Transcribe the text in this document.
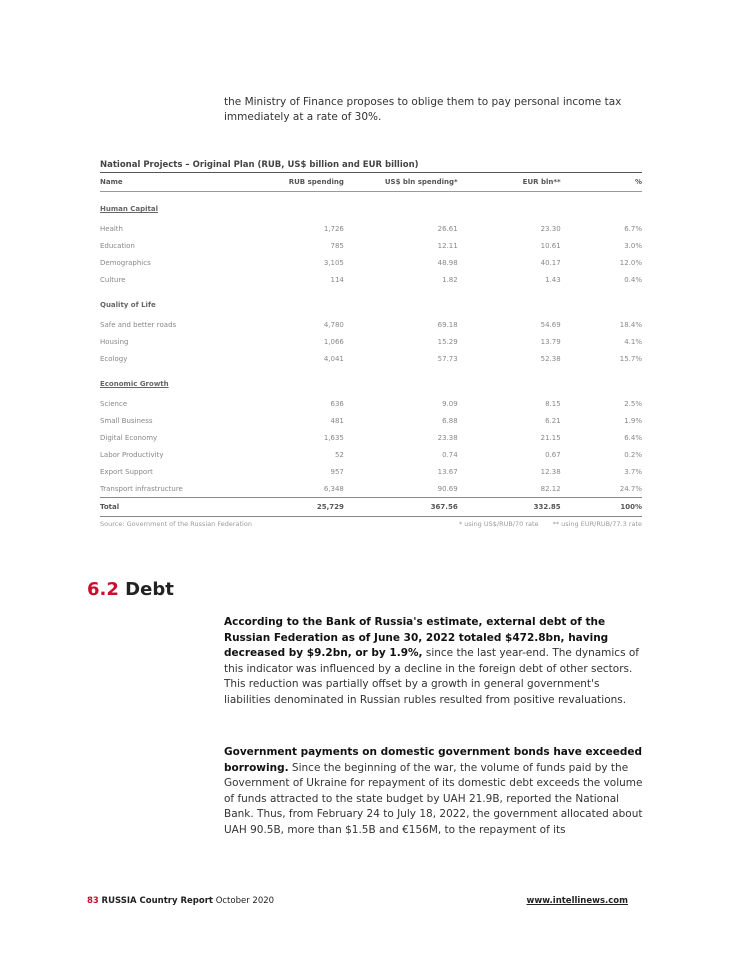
the Ministry of Finance proposes to oblige them to pay personal income tax immediately at a rate of 30%.

National Projects – Original Plan (RUB, US$ billion and EUR billion)
Name	RUB spending	US$ bln spending*	EUR bln**	%
Human Capital				
Health	1,726	26.61	23.30	6.7%
Education	785	12.11	10.61	3.0%
Demographics	3,105	48.98	40.17	12.0%
Culture	114	1.82	1.43	0.4%
Quality of Life				
Safe and better roads	4,780	69.18	54.69	18.4%
Housing	1,066	15.29	13.79	4.1%
Ecology	4,041	57.73	52.38	15.7%
Economic Growth				
Science	636	9.09	8.15	2.5%
Small Business	481	6.88	6.21	1.9%
Digital Economy	1,635	23.38	21.15	6.4%
Labor Productivity	52	0.74	0.67	0.2%
Export Support	957	13.67	12.38	3.7%
Transport infrastructure	6,348	90.69	82.12	24.7%
Total	25,729	367.56	332.85	100%
Source: Government of the Russian Federation	* using US$/RUB/70 rate ** using EUR/RUB/77.3 rate
6.2 Debt

According to the Bank of Russia's estimate, external debt of the Russian Federation as of June 30, 2022 totaled $472.8bn, having decreased by $9.2bn, or by 1.9%, since the last year-end. The dynamics of this indicator was influenced by a decline in the foreign debt of other sectors. This reduction was partially offset by a growth in general government's liabilities denominated in Russian rubles resulted from positive revaluations.

Government payments on domestic government bonds have exceeded borrowing. Since the beginning of the war, the volume of funds paid by the Government of Ukraine for repayment of its domestic debt exceeds the volume of funds attracted to the state budget by UAH 21.9B, reported the National Bank. Thus, from February 24 to July 18, 2022, the government allocated about UAH 90.5B, more than $1.5B and €156M, to the repayment of its

83 RUSSIA Country Report October 2020	www.intellinews.com
